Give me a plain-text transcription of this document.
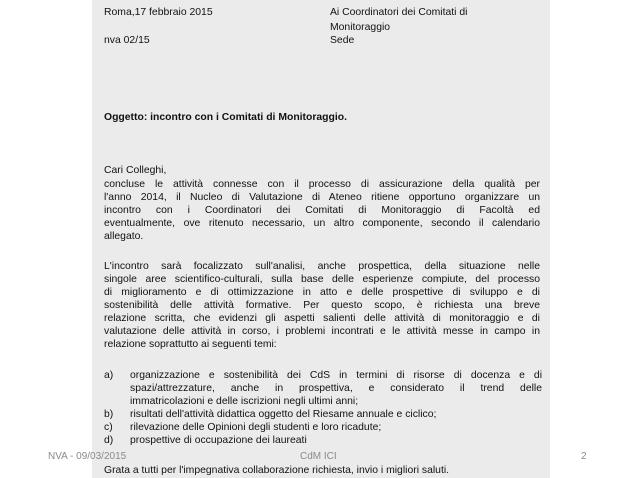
Roma,17 febbraio 2015
nva 02/15
Ai Coordinatori dei Comitati di
Monitoraggio
Sede
Oggetto: incontro con i Comitati di Monitoraggio.
Cari Colleghi,
concluse le attività connesse con il processo di assicurazione della qualità per
l'anno 2014, il Nucleo di Valutazione di Ateneo ritiene opportuno organizzare un
incontro con i Coordinatori dei Comitati di Monitoraggio di Facoltà ed
eventualmente, ove ritenuto necessario, un altro componente, secondo il calendario
allegato.
L'incontro sarà focalizzato sull'analisi, anche prospettica, della situazione nelle
singole aree scientifico-culturali, sulla base delle esperienze compiute, del processo
di miglioramento e di ottimizzazione in atto e delle prospettive di sviluppo e di
sostenibilità delle attività formative. Per questo scopo, è richiesta una breve
relazione scritta, che evidenzi gli aspetti salienti delle attività di monitoraggio e di
valutazione delle attività in corso, i problemi incontrati e le attività messe in campo in
relazione soprattutto ai seguenti temi:
a) organizzazione e sostenibilità dei CdS in termini di risorse di docenza e di
spazi/attrezzature, anche in prospettiva, e considerato il trend delle
immatricolazioni e delle iscrizioni negli ultimi anni;
b) risultati dell'attività didattica oggetto del Riesame annuale e ciclico;
c) rilevazione delle Opinioni degli studenti e loro ricadute;
d) prospettive di occupazione dei laureati
Grata a tutti per l'impegnativa collaborazione richiesta, invio i migliori saluti.
NVA - 09/03/2015	CdM ICI	2
